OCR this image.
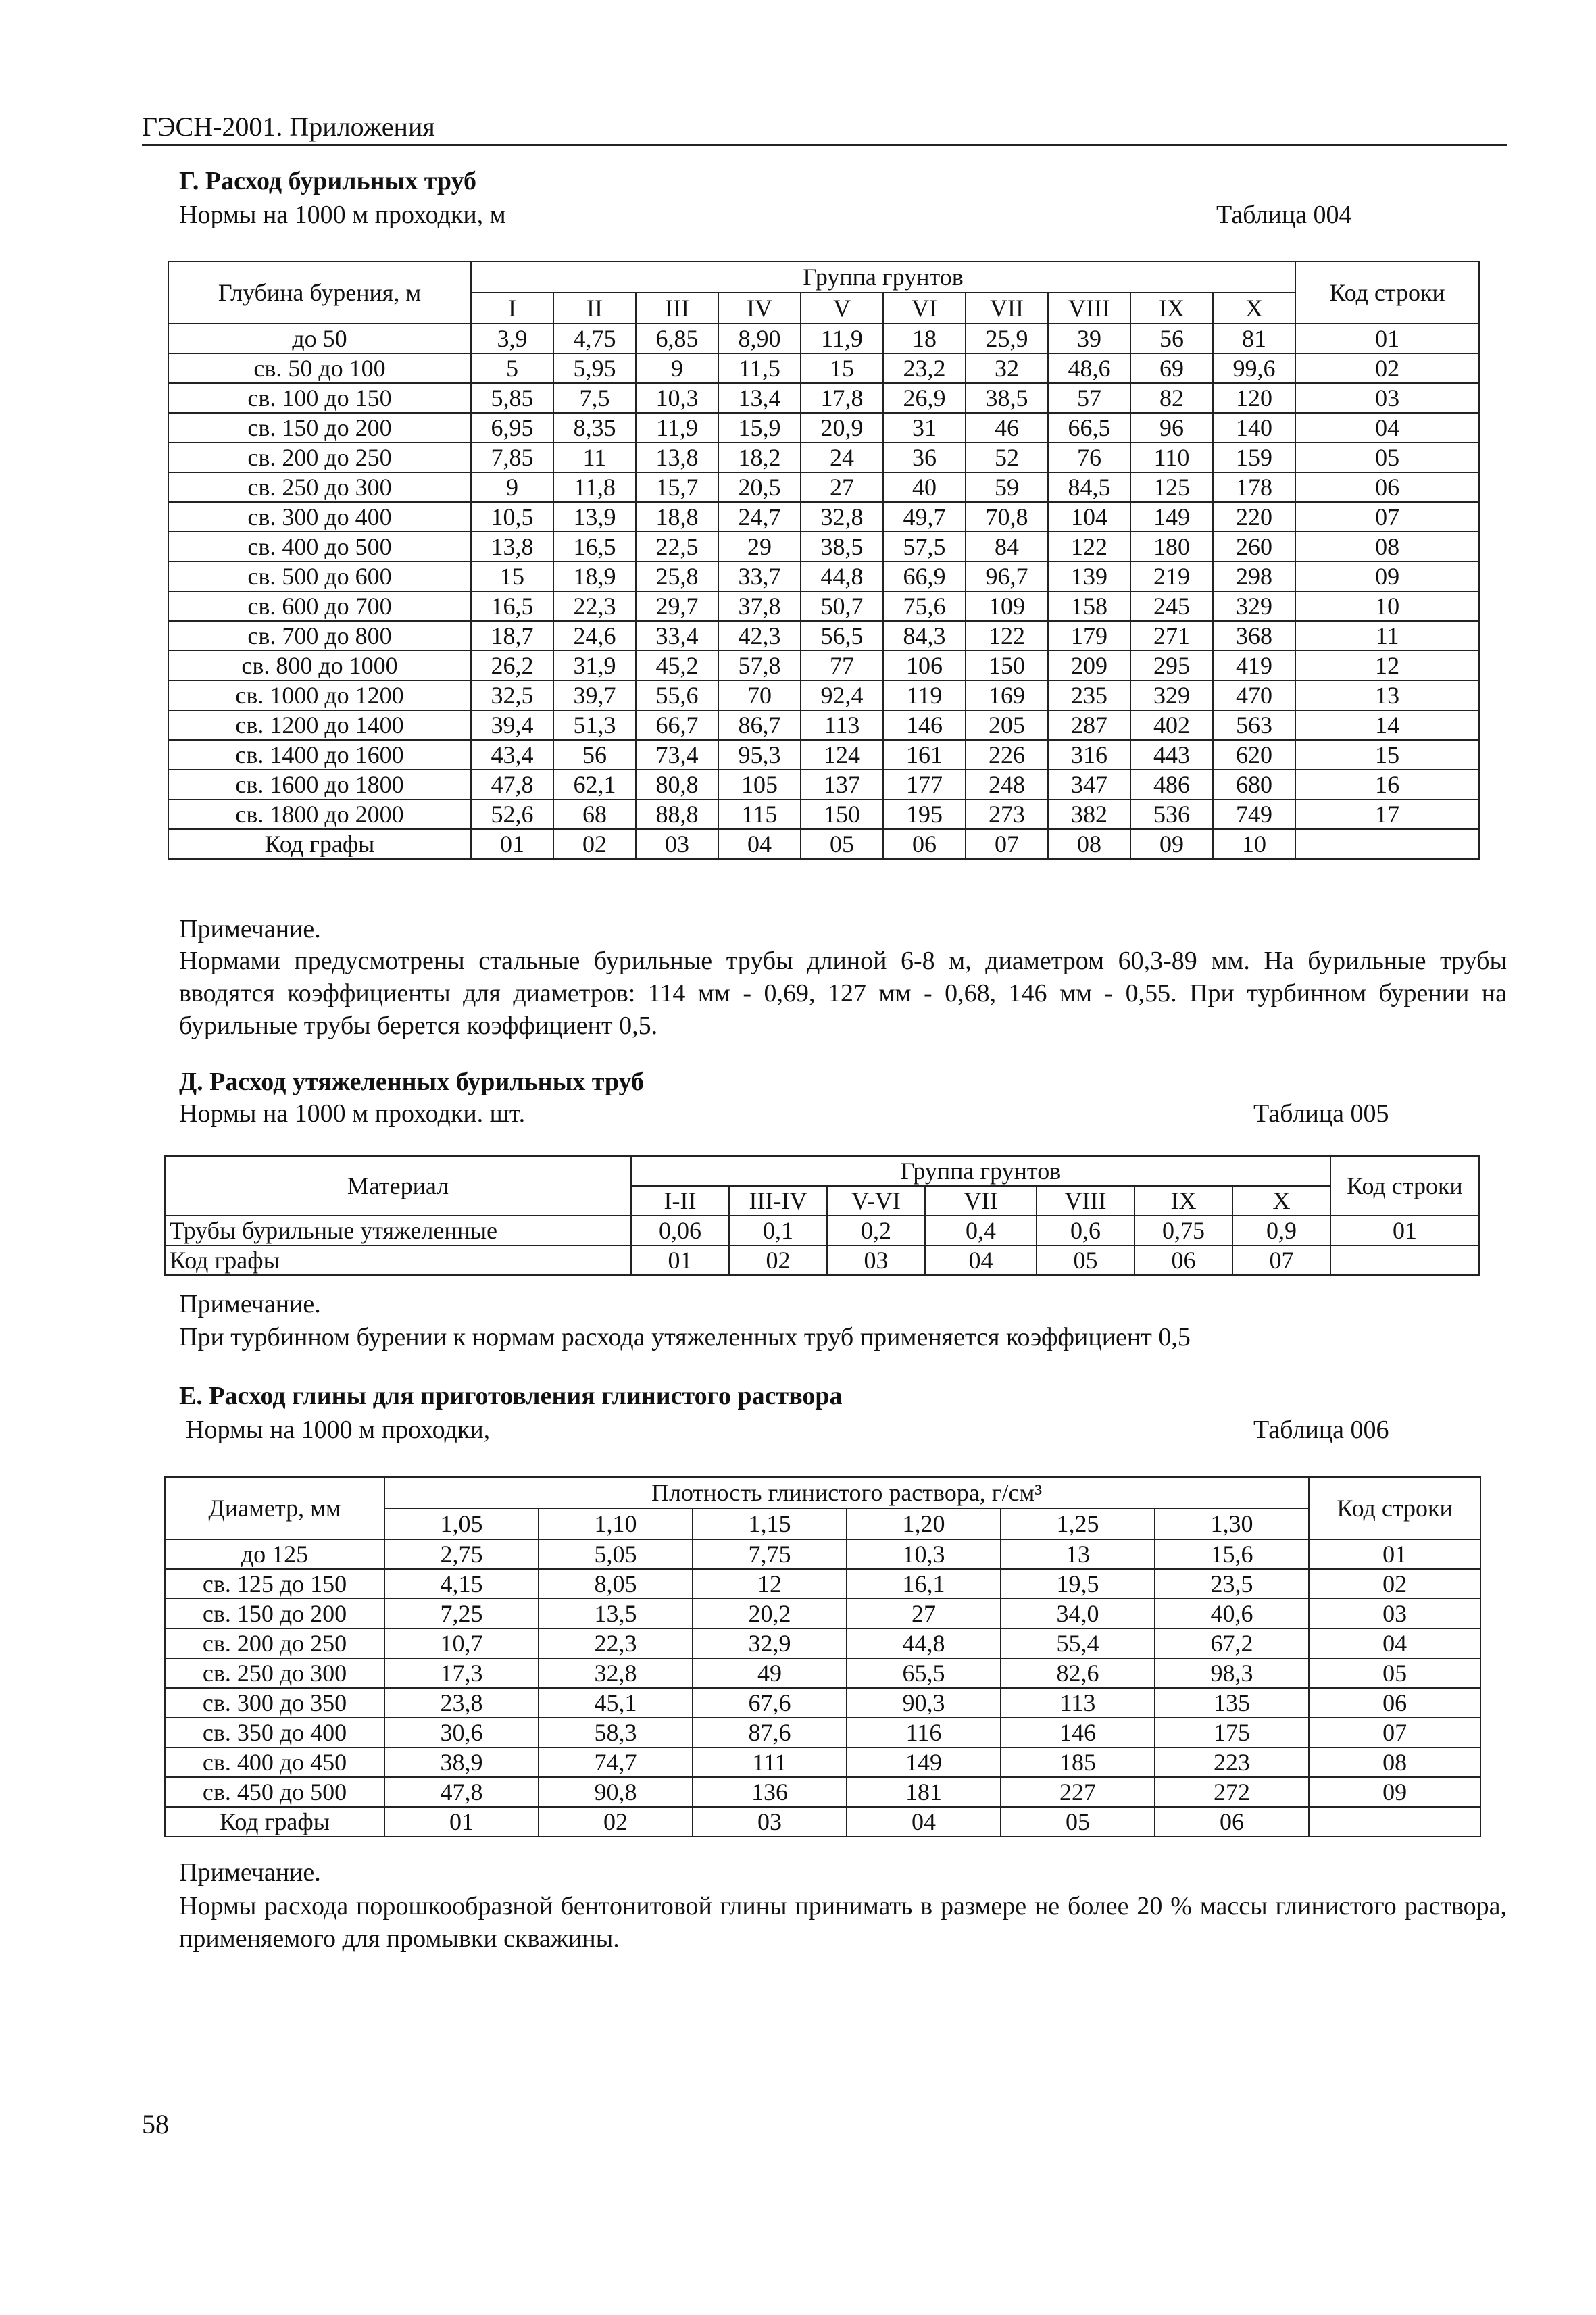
ГЭСН-2001. Приложения
Г. Расход бурильных труб
Нормы на 1000 м проходки, м	Таблица 004
Глубина бурения, м	Группа грунтов										Код строки
	I	II	III	IV	V	VI	VII	VIII	IX	X	
до 50	3,9	4,75	6,85	8,90	11,9	18	25,9	39	56	81	01
св. 50 до 100	5	5,95	9	11,5	15	23,2	32	48,6	69	99,6	02
св. 100 до 150	5,85	7,5	10,3	13,4	17,8	26,9	38,5	57	82	120	03
св. 150 до 200	6,95	8,35	11,9	15,9	20,9	31	46	66,5	96	140	04
св. 200 до 250	7,85	11	13,8	18,2	24	36	52	76	110	159	05
св. 250 до 300	9	11,8	15,7	20,5	27	40	59	84,5	125	178	06
св. 300 до 400	10,5	13,9	18,8	24,7	32,8	49,7	70,8	104	149	220	07
св. 400 до 500	13,8	16,5	22,5	29	38,5	57,5	84	122	180	260	08
св. 500 до 600	15	18,9	25,8	33,7	44,8	66,9	96,7	139	219	298	09
св. 600 до 700	16,5	22,3	29,7	37,8	50,7	75,6	109	158	245	329	10
св. 700 до 800	18,7	24,6	33,4	42,3	56,5	84,3	122	179	271	368	11
св. 800 до 1000	26,2	31,9	45,2	57,8	77	106	150	209	295	419	12
св. 1000 до 1200	32,5	39,7	55,6	70	92,4	119	169	235	329	470	13
св. 1200 до 1400	39,4	51,3	66,7	86,7	113	146	205	287	402	563	14
св. 1400 до 1600	43,4	56	73,4	95,3	124	161	226	316	443	620	15
св. 1600 до 1800	47,8	62,1	80,8	105	137	177	248	347	486	680	16
св. 1800 до 2000	52,6	68	88,8	115	150	195	273	382	536	749	17
Код графы	01	02	03	04	05	06	07	08	09	10	
Примечание.
Нормами предусмотрены стальные бурильные трубы длиной 6-8 м, диаметром 60,3-89 мм. На бурильные трубы вводятся коэффициенты для диаметров: 114 мм - 0,69, 127 мм - 0,68, 146 мм - 0,55. При турбинном бурении на бурильные трубы берется коэффициент 0,5.
Д. Расход утяжеленных бурильных труб
Нормы на 1000 м проходки. шт.	Таблица 005
Материал	Группа грунтов							Код строки
	I-II	III-IV	V-VI	VII	VIII	IX	X	
Трубы бурильные утяжеленные	0,06	0,1	0,2	0,4	0,6	0,75	0,9	01
Код графы	01	02	03	04	05	06	07	
Примечание.
При турбинном бурении к нормам расхода утяжеленных труб применяется коэффициент 0,5
Е. Расход глины для приготовления глинистого раствора
Нормы на 1000 м проходки,	Таблица 006
Диаметр, мм	Плотность глинистого раствора, г/см³						Код строки
	1,05	1,10	1,15	1,20	1,25	1,30	
до 125	2,75	5,05	7,75	10,3	13	15,6	01
св. 125 до 150	4,15	8,05	12	16,1	19,5	23,5	02
св. 150 до 200	7,25	13,5	20,2	27	34,0	40,6	03
св. 200 до 250	10,7	22,3	32,9	44,8	55,4	67,2	04
св. 250 до 300	17,3	32,8	49	65,5	82,6	98,3	05
св. 300 до 350	23,8	45,1	67,6	90,3	113	135	06
св. 350 до 400	30,6	58,3	87,6	116	146	175	07
св. 400 до 450	38,9	74,7	111	149	185	223	08
св. 450 до 500	47,8	90,8	136	181	227	272	09
Код графы	01	02	03	04	05	06	
Примечание.
Нормы расхода порошкообразной бентонитовой глины принимать в размере не более 20 % массы глинистого раствора, применяемого для промывки скважины.
58
